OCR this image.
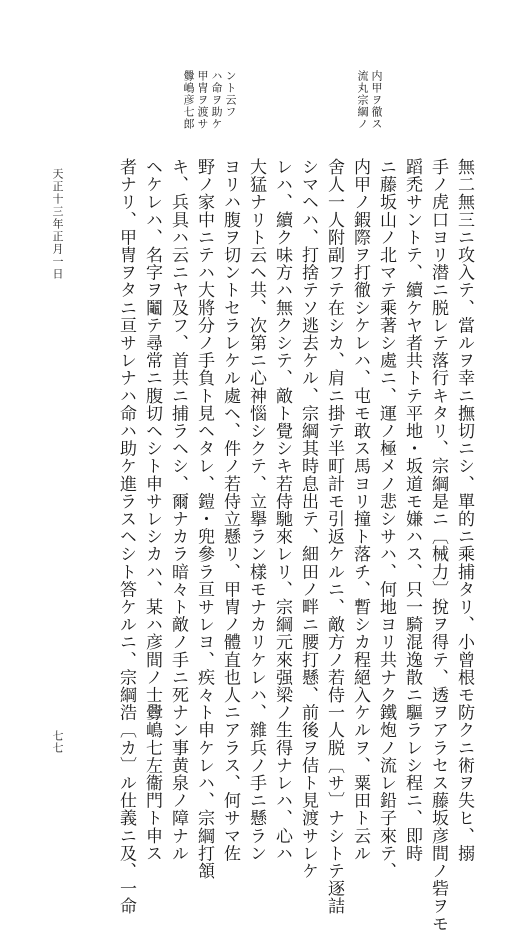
流丸宗綱ノ 内甲ヲ徹ス
釁嶋彦七郎 甲冑ヲ渡サ ハ命ヲ助ケ ント云フ
無二無三ニ攻入テ、當ルヲ幸ニ撫切ニシ、單的ニ乘捕タリ、小曾根モ防クニ術ヲ失ヒ、搦
手ノ虎口ヨリ潜ニ脱レテ落行キタリ、宗綱是ニ〔械力〕挩ヲ得テ、透ヲアラセス藤坂彦間ノ砦ヲモ
蹈禿サントテ、續ケヤ者共トテ平地・坂道モ嫌ハス、只一騎混逸散ニ驅ラレシ程ニ、即時
ニ藤坂山ノ北マテ乘著シ處ニ、運ノ極メノ悲シサハ、何地ヨリ共ナク鐵炮ノ流レ鉛子來テ、
内甲ノ鍜際ヲ打徹シケレハ、屯モ敢ス馬ヨリ撞ト落チ、暫シカ程絕入ケルヲ、粟田ト云ル
舍人一人附副フテ在シカ、肩ニ掛テ半町計モ引返ケルニ、敵方ノ若侍一人脱〔サ〕ナシトテ逐詰
シマヘハ、打捨テソ逃去ケル、宗綱其時息出テ、細田ノ畔ニ腰打懸、前後ヲ佶ト見渡サレケ
レハ、續ク味方ハ無クシテ、敵ト覺シキ若侍馳來レリ、宗綱元來强梁ノ生得ナレハ、心ハ
大猛ナリト云ヘ共、次第ニ心神惱シクテ、立擧ラン樣モナカリケレハ、雜兵ノ手ニ懸ラン
ヨリハ腹ヲ切ントセラレケル處ヘ、件ノ若侍立懸リ、甲冑ノ體直也人ニアラス、何サマ佐
野ノ家中ニテハ大將分ノ手負ト見ヘタレ、鎧・兜參ラ亘サレヨ、疾々ト申ケレハ、宗綱打頷
キ、兵具ハ云ニヤ及フ、首共ニ捕ラヘシ、爾ナカラ暗々ト敵ノ手ニ死ナン事黄泉ノ障ナル
ヘケレハ、名字ヲ鬮テ尋常ニ腹切ヘシト申サレシカハ、某ハ彦間ノ士釁嶋七左衞門ト申ス
者ナリ、甲冑ヲタニ亘サレナハ命ハ助ケ進ラスヘシト答ケルニ、宗綱浩〔カ〕ル仕義ニ及、一命
天正十三年正月一日
七七
